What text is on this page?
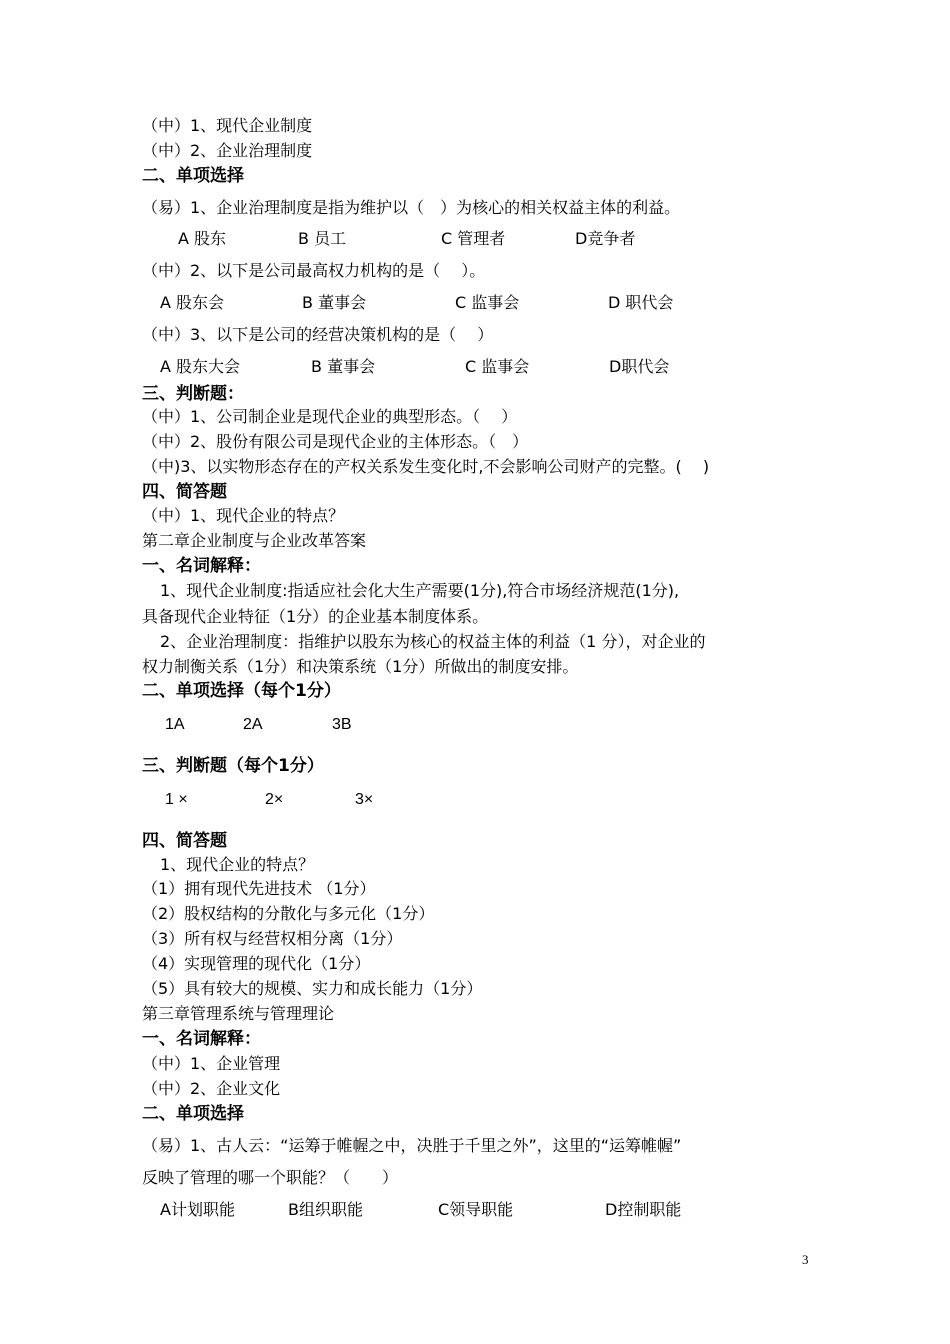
（中）1、现代企业制度
（中）2、企业治理制度
二、单项选择
（易）1、企业治理制度是指为维护以（　）为核心的相关权益主体的利益。
A 股东	B 员工	C 管理者	D竞争者
（中）2、以下是公司最高权力机构的是（　 ）。
A 股东会	B 董事会	C 监事会	D 职代会
（中）3、以下是公司的经营决策机构的是（　 ）
A 股东大会	B 董事会	C 监事会	D职代会
三、判断题：
（中）1、公司制企业是现代企业的典型形态。（　 ）
（中）2、股份有限公司是现代企业的主体形态。（　）
（中)3、以实物形态存在的产权关系发生变化时,不会影响公司财产的完整。(　 )
四、简答题
（中）1、现代企业的特点？
第二章企业制度与企业改革答案
一、名词解释：
1、现代企业制度:指适应社会化大生产需要(1分),符合市场经济规范(1分),
具备现代企业特征（1分）的企业基本制度体系。
2、企业治理制度：指维护以股东为核心的权益主体的利益（1 分），对企业的
权力制衡关系（1分）和决策系统（1分）所做出的制度安排。
二、单项选择（每个1分）
1A	2A	3B
三、判断题（每个1分）
1 ×	2×	3×
四、简答题
1、现代企业的特点？
（1）拥有现代先进技术 （1分）
（2）股权结构的分散化与多元化（1分）
（3）所有权与经营权相分离（1分）
（4）实现管理的现代化（1分）
（5）具有较大的规模、实力和成长能力（1分）
第三章管理系统与管理理论
一、名词解释：
（中）1、企业管理
（中）2、企业文化
二、单项选择
（易）1、古人云：“运筹于帷幄之中，决胜于千里之外”，这里的“运筹帷幄”
反映了管理的哪一个职能？（　　）
A计划职能	B组织职能	C领导职能	D控制职能
3
